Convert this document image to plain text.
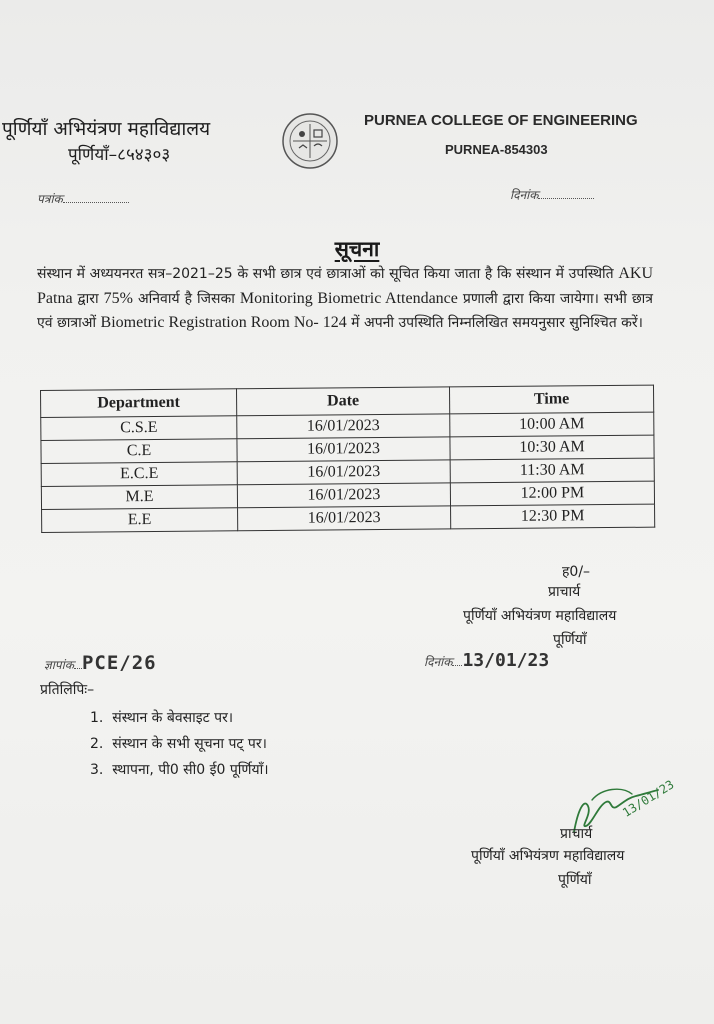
पूर्णियाँ अभियंत्रण महाविद्यालय
पूर्णियाँ–८५४३०३
PURNEA COLLEGE OF ENGINEERING
PURNEA-854303
पत्रांक	दिनांक
सूचना
संस्थान में अध्ययनरत सत्र–2021–25 के सभी छात्र एवं छात्राओं को सूचित किया जाता है कि संस्थान में उपस्थिति AKU Patna द्वारा 75% अनिवार्य है जिसका Monitoring Biometric Attendance प्रणाली द्वारा किया जायेगा। सभी छात्र एवं छात्राओं Biometric Registration Room No- 124 में अपनी उपस्थिति निम्नलिखित समयनुसार सुनिश्चित करें।
Department	Date	Time
C.S.E	16/01/2023	10:00 AM
C.E	16/01/2023	10:30 AM
E.C.E	16/01/2023	11:30 AM
M.E	16/01/2023	12:00 PM
E.E	16/01/2023	12:30 PM
ह0/–
प्राचार्य
पूर्णियाँ अभियंत्रण महाविद्यालय
पूर्णियाँ
ज्ञापांक PCE/26	दिनांक 13/01/23
प्रतिलिपिः–
1.  संस्थान के बेवसाइट पर।
2.  संस्थान के सभी सूचना पट् पर।
3.  स्थापना, पी0 सी0 ई0 पूर्णियाँ।
13/01/23
प्राचार्य
पूर्णियाँ अभियंत्रण महाविद्यालय
पूर्णियाँ
